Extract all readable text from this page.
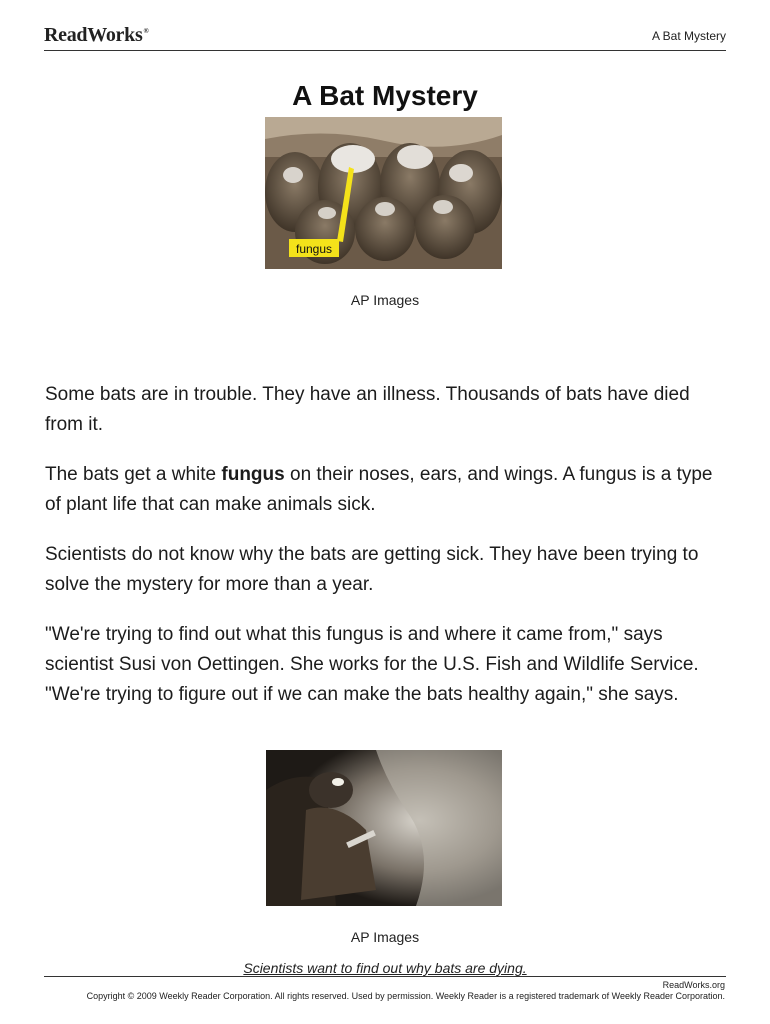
ReadWorks®	A Bat Mystery
A Bat Mystery
fungus
AP Images

Some bats are in trouble. They have an illness. Thousands of bats have died from it.

The bats get a white fungus on their noses, ears, and wings. A fungus is a type of plant life that can make animals sick.

Scientists do not know why the bats are getting sick. They have been trying to solve the mystery for more than a year.

"We're trying to find out what this fungus is and where it came from," says scientist Susi von Oettingen. She works for the U.S. Fish and Wildlife Service. "We're trying to figure out if we can make the bats healthy again," she says.

AP Images
Scientists want to find out why bats are dying.
ReadWorks.org
Copyright © 2009 Weekly Reader Corporation. All rights reserved. Used by permission. Weekly Reader is a registered trademark of Weekly Reader Corporation.
